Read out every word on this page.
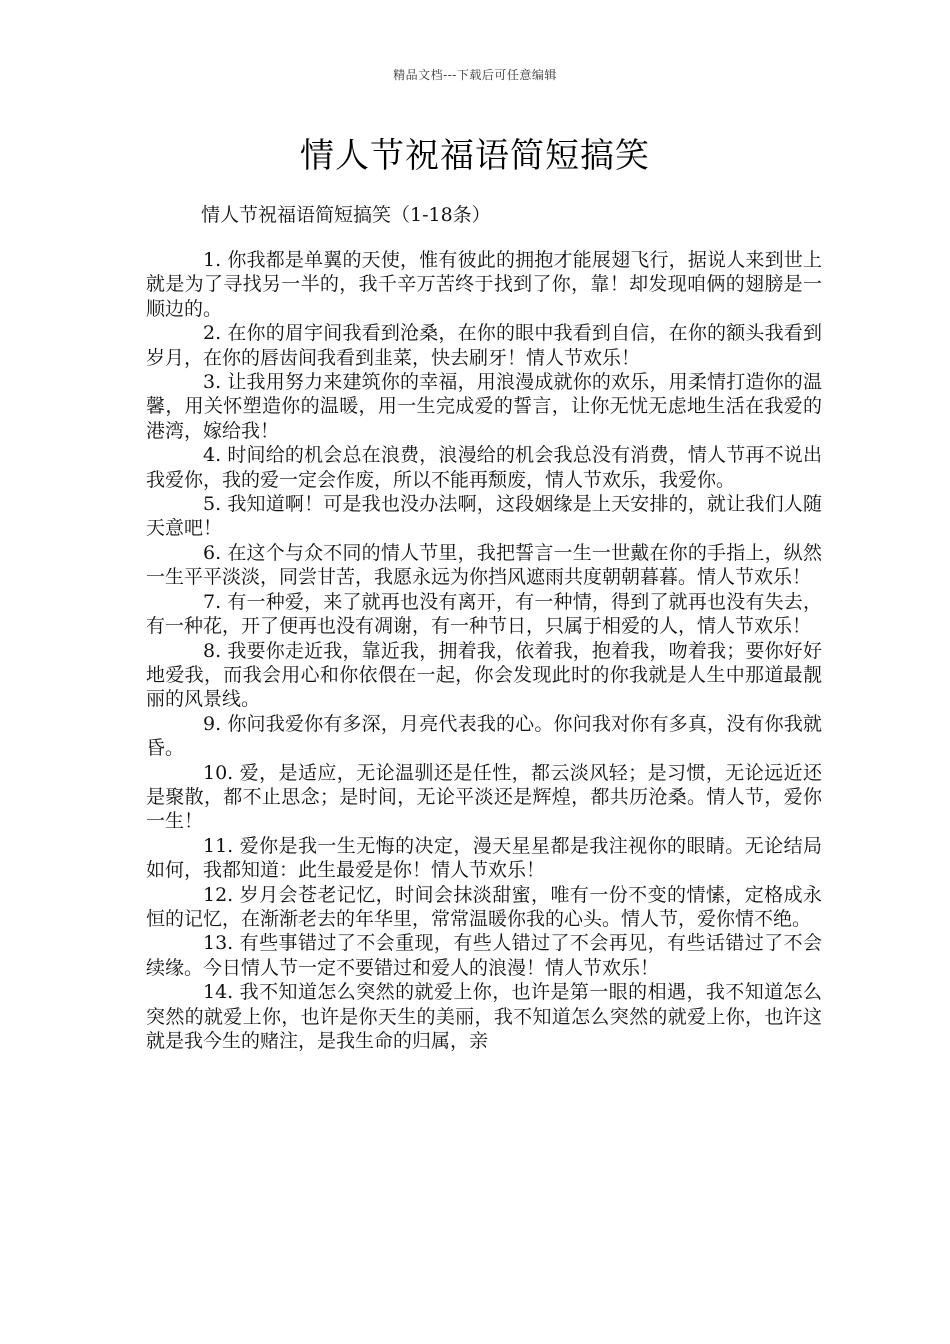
精品文档---下载后可任意编辑
情人节祝福语简短搞笑
情人节祝福语简短搞笑（1-18条）

1. 你我都是单翼的天使，惟有彼此的拥抱才能展翅飞行，据说人来到世上就是为了寻找另一半的，我千辛万苦终于找到了你，靠！却发现咱俩的翅膀是一顺边的。

2. 在你的眉宇间我看到沧桑，在你的眼中我看到自信，在你的额头我看到岁月，在你的唇齿间我看到韭菜，快去刷牙！情人节欢乐！

3. 让我用努力来建筑你的幸福，用浪漫成就你的欢乐，用柔情打造你的温馨，用关怀塑造你的温暖，用一生完成爱的誓言，让你无忧无虑地生活在我爱的港湾，嫁给我！

4. 时间给的机会总在浪费，浪漫给的机会我总没有消费，情人节再不说出我爱你，我的爱一定会作废，所以不能再颓废，情人节欢乐，我爱你。

5. 我知道啊！可是我也没办法啊，这段姻缘是上天安排的，就让我们人随天意吧！

6. 在这个与众不同的情人节里，我把誓言一生一世戴在你的手指上，纵然一生平平淡淡，同尝甘苦，我愿永远为你挡风遮雨共度朝朝暮暮。情人节欢乐！

7. 有一种爱，来了就再也没有离开，有一种情，得到了就再也没有失去，有一种花，开了便再也没有凋谢，有一种节日，只属于相爱的人，情人节欢乐！

8. 我要你走近我，靠近我，拥着我，依着我，抱着我，吻着我；要你好好地爱我，而我会用心和你依偎在一起，你会发现此时的你我就是人生中那道最靓丽的风景线。

9. 你问我爱你有多深，月亮代表我的心。你问我对你有多真，没有你我就昏。

10. 爱，是适应，无论温驯还是任性，都云淡风轻；是习惯，无论远近还是聚散，都不止思念；是时间，无论平淡还是辉煌，都共历沧桑。情人节，爱你一生！

11. 爱你是我一生无悔的决定，漫天星星都是我注视你的眼睛。无论结局如何，我都知道：此生最爱是你！情人节欢乐！

12. 岁月会苍老记忆，时间会抹淡甜蜜，唯有一份不变的情愫，定格成永恒的记忆，在渐渐老去的年华里，常常温暖你我的心头。情人节，爱你情不绝。

13. 有些事错过了不会重现，有些人错过了不会再见，有些话错过了不会续缘。今日情人节一定不要错过和爱人的浪漫！情人节欢乐！

14. 我不知道怎么突然的就爱上你，也许是第一眼的相遇，我不知道怎么突然的就爱上你，也许是你天生的美丽，我不知道怎么突然的就爱上你，也许这就是我今生的赌注，是我生命的归属，亲
